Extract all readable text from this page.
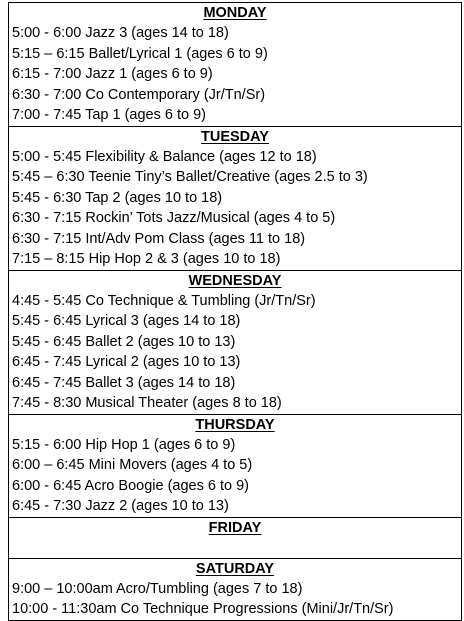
MONDAY
5:00 - 6:00 Jazz 3 (ages 14 to 18)
5:15 – 6:15 Ballet/Lyrical 1 (ages 6 to 9)
6:15 - 7:00 Jazz 1 (ages 6 to 9)
6:30 - 7:00 Co Contemporary (Jr/Tn/Sr)
7:00 - 7:45 Tap 1 (ages 6 to 9)
TUESDAY
5:00 - 5:45 Flexibility & Balance (ages 12 to 18)
5:45 – 6:30 Teenie Tiny’s Ballet/Creative (ages 2.5 to 3)
5:45 - 6:30 Tap 2 (ages 10 to 18)
6:30 - 7:15 Rockin’ Tots Jazz/Musical (ages 4 to 5)
6:30 - 7:15 Int/Adv Pom Class (ages 11 to 18)
7:15 – 8:15 Hip Hop 2 & 3 (ages 10 to 18)
WEDNESDAY
4:45 - 5:45 Co Technique & Tumbling (Jr/Tn/Sr)
5:45 - 6:45 Lyrical 3 (ages 14 to 18)
5:45 - 6:45 Ballet 2 (ages 10 to 13)
6:45 - 7:45 Lyrical 2 (ages 10 to 13)
6:45 - 7:45 Ballet 3 (ages 14 to 18)
7:45 - 8:30 Musical Theater (ages 8 to 18)
THURSDAY
5:15 - 6:00 Hip Hop 1 (ages 6 to 9)
6:00 – 6:45 Mini Movers (ages 4 to 5)
6:00 - 6:45 Acro Boogie (ages 6 to 9)
6:45 - 7:30 Jazz 2 (ages 10 to 13)
FRIDAY
SATURDAY
9:00 – 10:00am Acro/Tumbling (ages 7 to 18)
10:00 - 11:30am Co Technique Progressions (Mini/Jr/Tn/Sr)
